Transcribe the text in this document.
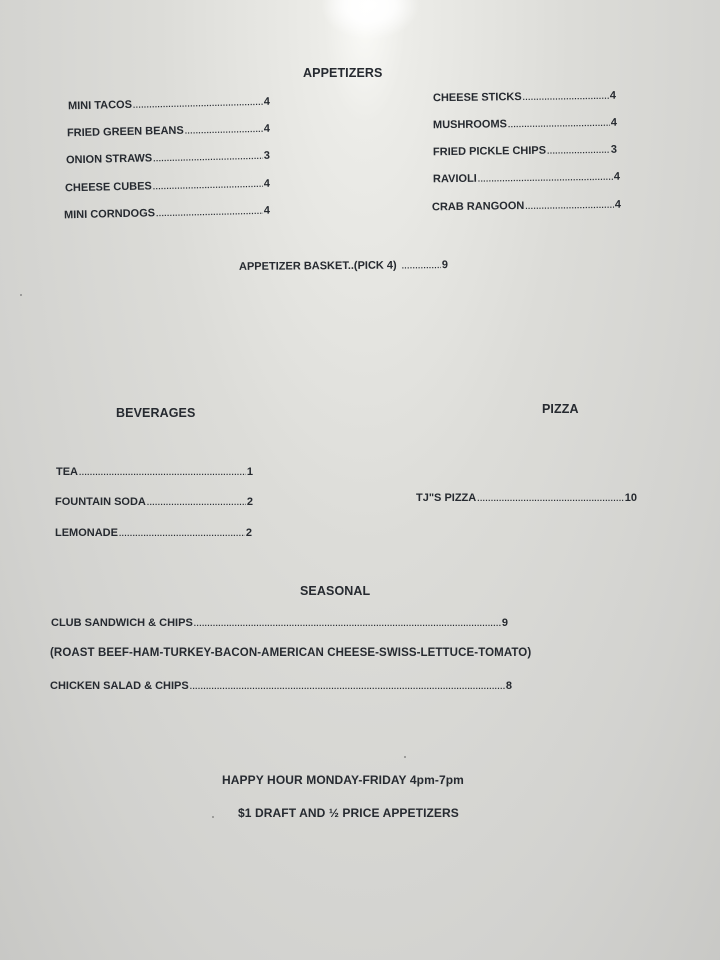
APPETIZERS
MINI TACOS .....	4
FRIED GREEN BEANS .....	4
ONION STRAWS .....	3
CHEESE CUBES .....	4
MINI CORNDOGS .....	4
CHEESE STICKS .....	4
MUSHROOMS .....	4
FRIED PICKLE CHIPS .....	3
RAVIOLI .....	4
CRAB RANGOON .....	4
APPETIZER BASKET..(PICK 4) .....	9
BEVERAGES
TEA .....	1
FOUNTAIN SODA .....	2
LEMONADE .....	2
PIZZA
TJ"S PIZZA .....	10
SEASONAL
CLUB SANDWICH & CHIPS .....	9
(ROAST BEEF-HAM-TURKEY-BACON-AMERICAN CHEESE-SWISS-LETTUCE-TOMATO)
CHICKEN SALAD & CHIPS .....	8
HAPPY HOUR MONDAY-FRIDAY 4pm-7pm
$1 DRAFT AND ½ PRICE APPETIZERS
